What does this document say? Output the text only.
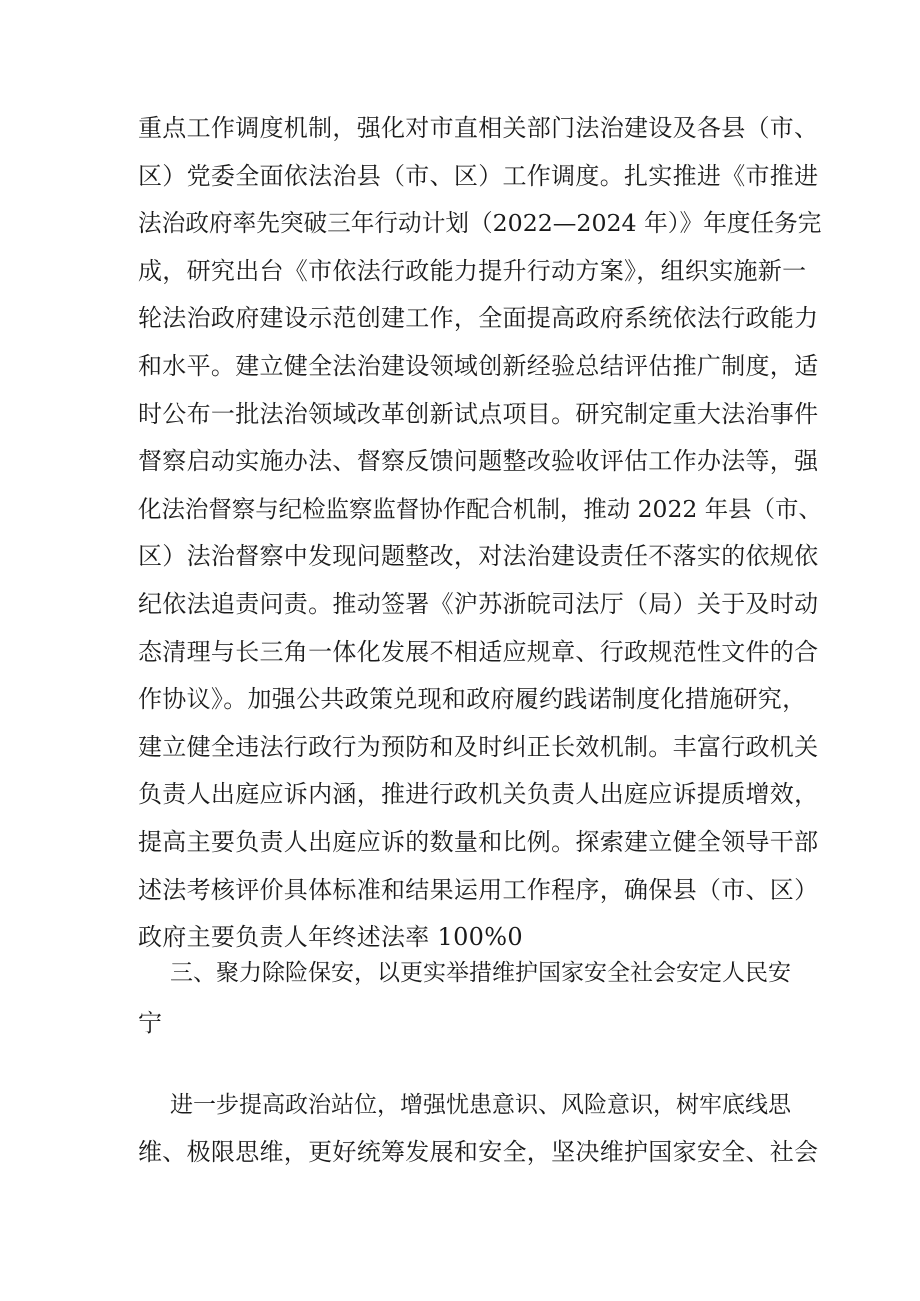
重点工作调度机制，强化对市直相关部门法治建设及各县（市、
区）党委全面依法治县（市、区）工作调度。扎实推进《市推进
法治政府率先突破三年行动计划（2022—2024 年）》年度任务完
成，研究出台《市依法行政能力提升行动方案》，组织实施新一
轮法治政府建设示范创建工作，全面提高政府系统依法行政能力
和水平。建立健全法治建设领域创新经验总结评估推广制度，适
时公布一批法治领域改革创新试点项目。研究制定重大法治事件
督察启动实施办法、督察反馈问题整改验收评估工作办法等，强
化法治督察与纪检监察监督协作配合机制，推动 2022 年县（市、
区）法治督察中发现问题整改，对法治建设责任不落实的依规依
纪依法追责问责。推动签署《沪苏浙皖司法厅（局）关于及时动
态清理与长三角一体化发展不相适应规章、行政规范性文件的合
作协议》。加强公共政策兑现和政府履约践诺制度化措施研究，
建立健全违法行政行为预防和及时纠正长效机制。丰富行政机关
负责人出庭应诉内涵，推进行政机关负责人出庭应诉提质增效，
提高主要负责人出庭应诉的数量和比例。探索建立健全领导干部
述法考核评价具体标准和结果运用工作程序，确保县（市、区）
政府主要负责人年终述法率 100%0
三、聚力除险保安，以更实举措维护国家安全社会安定人民安
宁
进一步提高政治站位，增强忧患意识、风险意识，树牢底线思
维、极限思维，更好统筹发展和安全，坚决维护国家安全、社会
